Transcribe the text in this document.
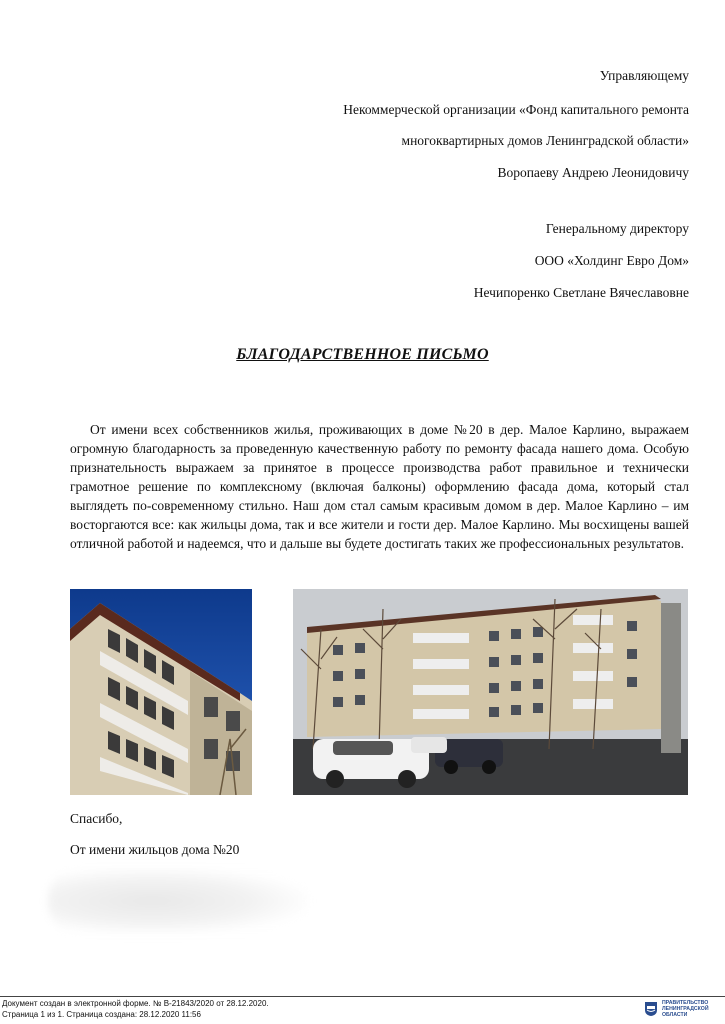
Управляющему
Некоммерческой организации «Фонд капитального ремонта
многоквартирных домов Ленинградской области»
Воропаеву Андрею Леонидовичу
Генеральному директору
ООО «Холдинг Евро Дом»
Нечипоренко Светлане Вячеславовне
БЛАГОДАРСТВЕННОЕ ПИСЬМО
От имени всех собственников жилья, проживающих в доме №20 в дер. Малое Карлино, выражаем огромную благодарность за проведенную качественную работу по ремонту фасада нашего дома. Особую признательность выражаем за принятое в процессе производства работ правильное и технически грамотное решение по комплексному (включая балконы) оформлению фасада дома, который стал выглядеть по-современному стильно. Наш дом стал самым красивым домом в дер. Малое Карлино – им восторгаются все: как жильцы дома, так и все жители и гости дер. Малое Карлино. Мы восхищены вашей отличной работой и надеемся, что и дальше вы будете достигать таких же профессиональных результатов.
Спасибо,
От имени жильцов дома №20
Документ создан в электронной форме. № В-21843/2020 от 28.12.2020.
Страница 1 из 1. Страница создана: 28.12.2020 11:56
ПРАВИТЕЛЬСТВО ЛЕНИНГРАДСКОЙ ОБЛАСТИ
